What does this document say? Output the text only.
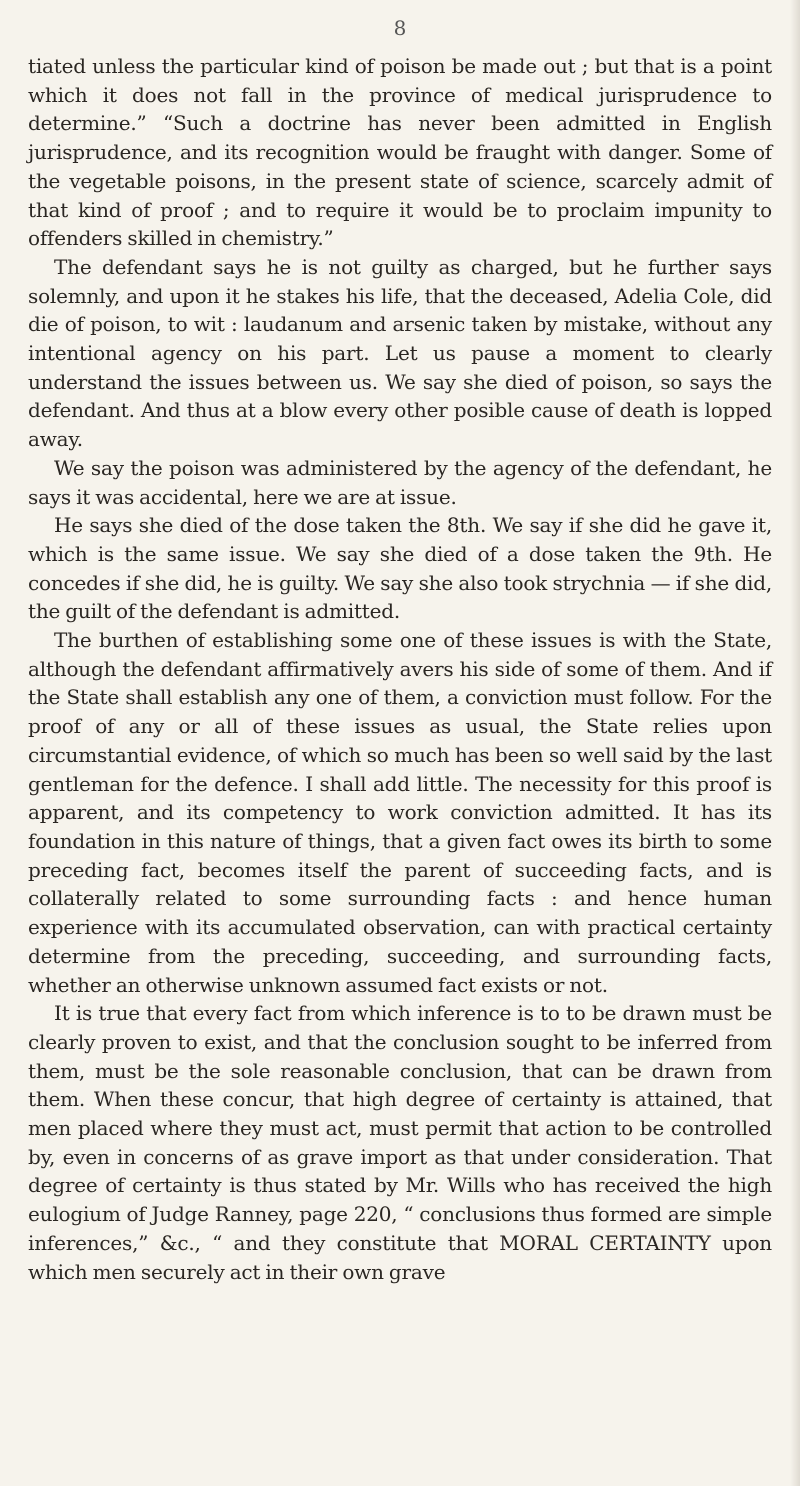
8

tiated unless the particular kind of poison be made out ; but that is a point which it does not fall in the province of medical jurisprudence to determine.” “Such a doctrine has never been admitted in English jurisprudence, and its recognition would be fraught with danger. Some of the vegetable poisons, in the present state of science, scarcely admit of that kind of proof ; and to require it would be to proclaim impunity to offenders skilled in chemistry.”

The defendant says he is not guilty as charged, but he further says solemnly, and upon it he stakes his life, that the deceased, Adelia Cole, did die of poison, to wit : laudanum and arsenic taken by mistake, without any intentional agency on his part. Let us pause a moment to clearly understand the issues between us. We say she died of poison, so says the defendant. And thus at a blow every other posible cause of death is lopped away.

We say the poison was administered by the agency of the defendant, he says it was accidental, here we are at issue.

He says she died of the dose taken the 8th. We say if she did he gave it, which is the same issue. We say she died of a dose taken the 9th. He concedes if she did, he is guilty. We say she also took strychnia — if she did, the guilt of the defendant is admitted.

The burthen of establishing some one of these issues is with the State, although the defendant affirmatively avers his side of some of them. And if the State shall establish any one of them, a conviction must follow. For the proof of any or all of these issues as usual, the State relies upon circumstantial evidence, of which so much has been so well said by the last gentleman for the defence. I shall add little. The necessity for this proof is apparent, and its competency to work conviction admitted. It has its foundation in this nature of things, that a given fact owes its birth to some preceding fact, becomes itself the parent of succeeding facts, and is collaterally related to some surrounding facts : and hence human experience with its accumulated observation, can with practical certainty determine from the preceding, succeeding, and surrounding facts, whether an otherwise unknown assumed fact exists or not.

It is true that every fact from which inference is to to be drawn must be clearly proven to exist, and that the conclusion sought to be inferred from them, must be the sole reasonable conclusion, that can be drawn from them. When these concur, that high degree of certainty is attained, that men placed where they must act, must permit that action to be controlled by, even in concerns of as grave import as that under consideration. That degree of certainty is thus stated by Mr. Wills who has received the high eulogium of Judge Ranney, page 220, “ conclusions thus formed are simple inferences,” &c., “ and they constitute that MORAL CERTAINTY upon which men securely act in their own grave
